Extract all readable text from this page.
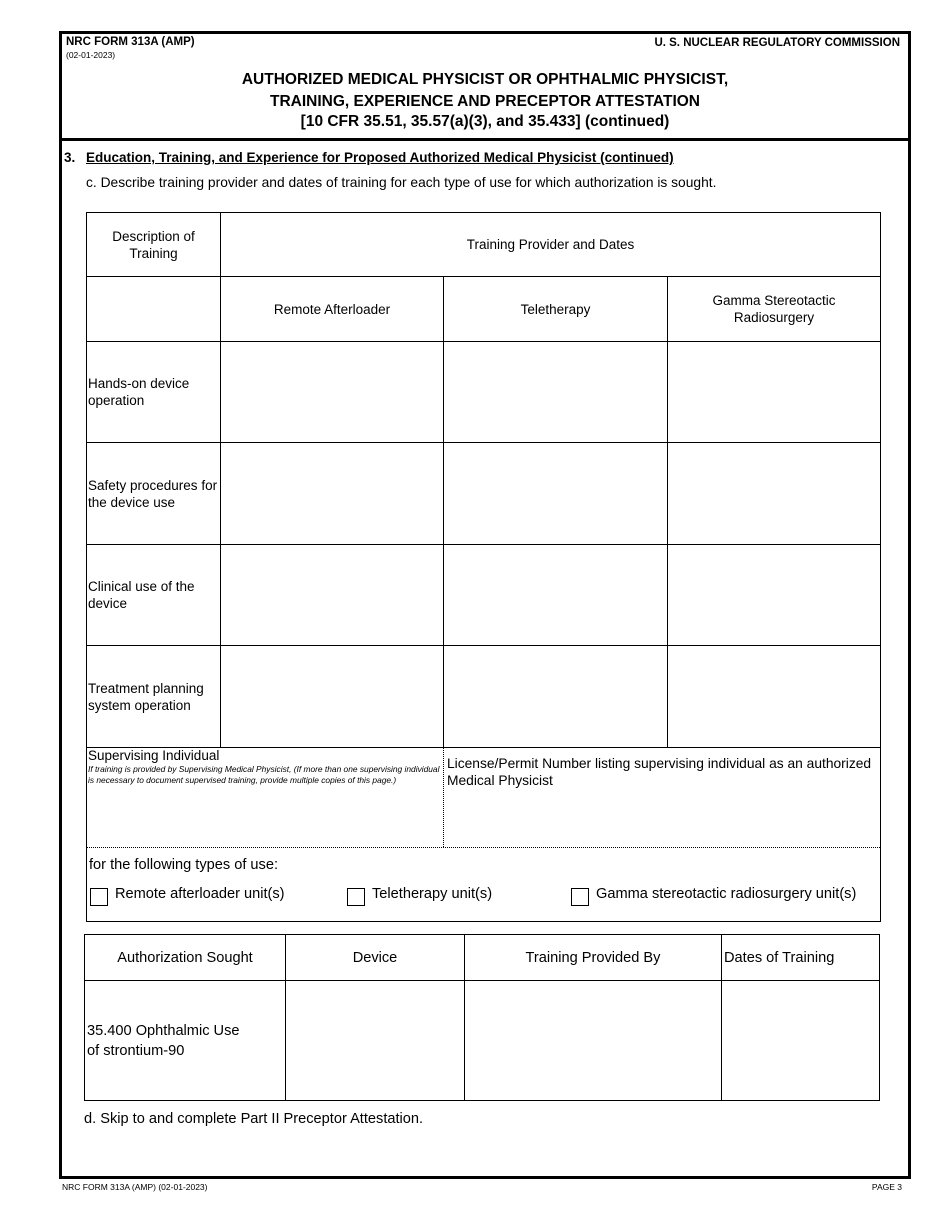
NRC FORM 313A (AMP)
(02-01-2023)
U. S. NUCLEAR REGULATORY COMMISSION
AUTHORIZED MEDICAL PHYSICIST OR OPHTHALMIC PHYSICIST,
TRAINING, EXPERIENCE AND PRECEPTOR ATTESTATION
[10 CFR 35.51, 35.57(a)(3), and 35.433] (continued)
3. Education, Training, and Experience for Proposed Authorized Medical Physicist (continued)
c. Describe training provider and dates of training for each type of use for which authorization is sought.
Description of Training	Training Provider and Dates		
	Remote Afterloader	Teletherapy	Gamma Stereotactic Radiosurgery
Hands-on device operation			
Safety procedures for the device use			
Clinical use of the device			
Treatment planning system operation			
Supervising Individual
If training is provided by Supervising Medical Physicist, (If more than one supervising individual is necessary to document supervised training, provide multiple copies of this page.)
License/Permit Number listing supervising individual as an authorized Medical Physicist
for the following types of use:
Remote afterloader unit(s)	Teletherapy unit(s)	Gamma stereotactic radiosurgery unit(s)
Authorization Sought	Device	Training Provided By	Dates of Training
35.400 Ophthalmic Use of strontium-90			
d. Skip to and complete Part II Preceptor Attestation.
NRC FORM 313A (AMP) (02-01-2023)	PAGE 3
